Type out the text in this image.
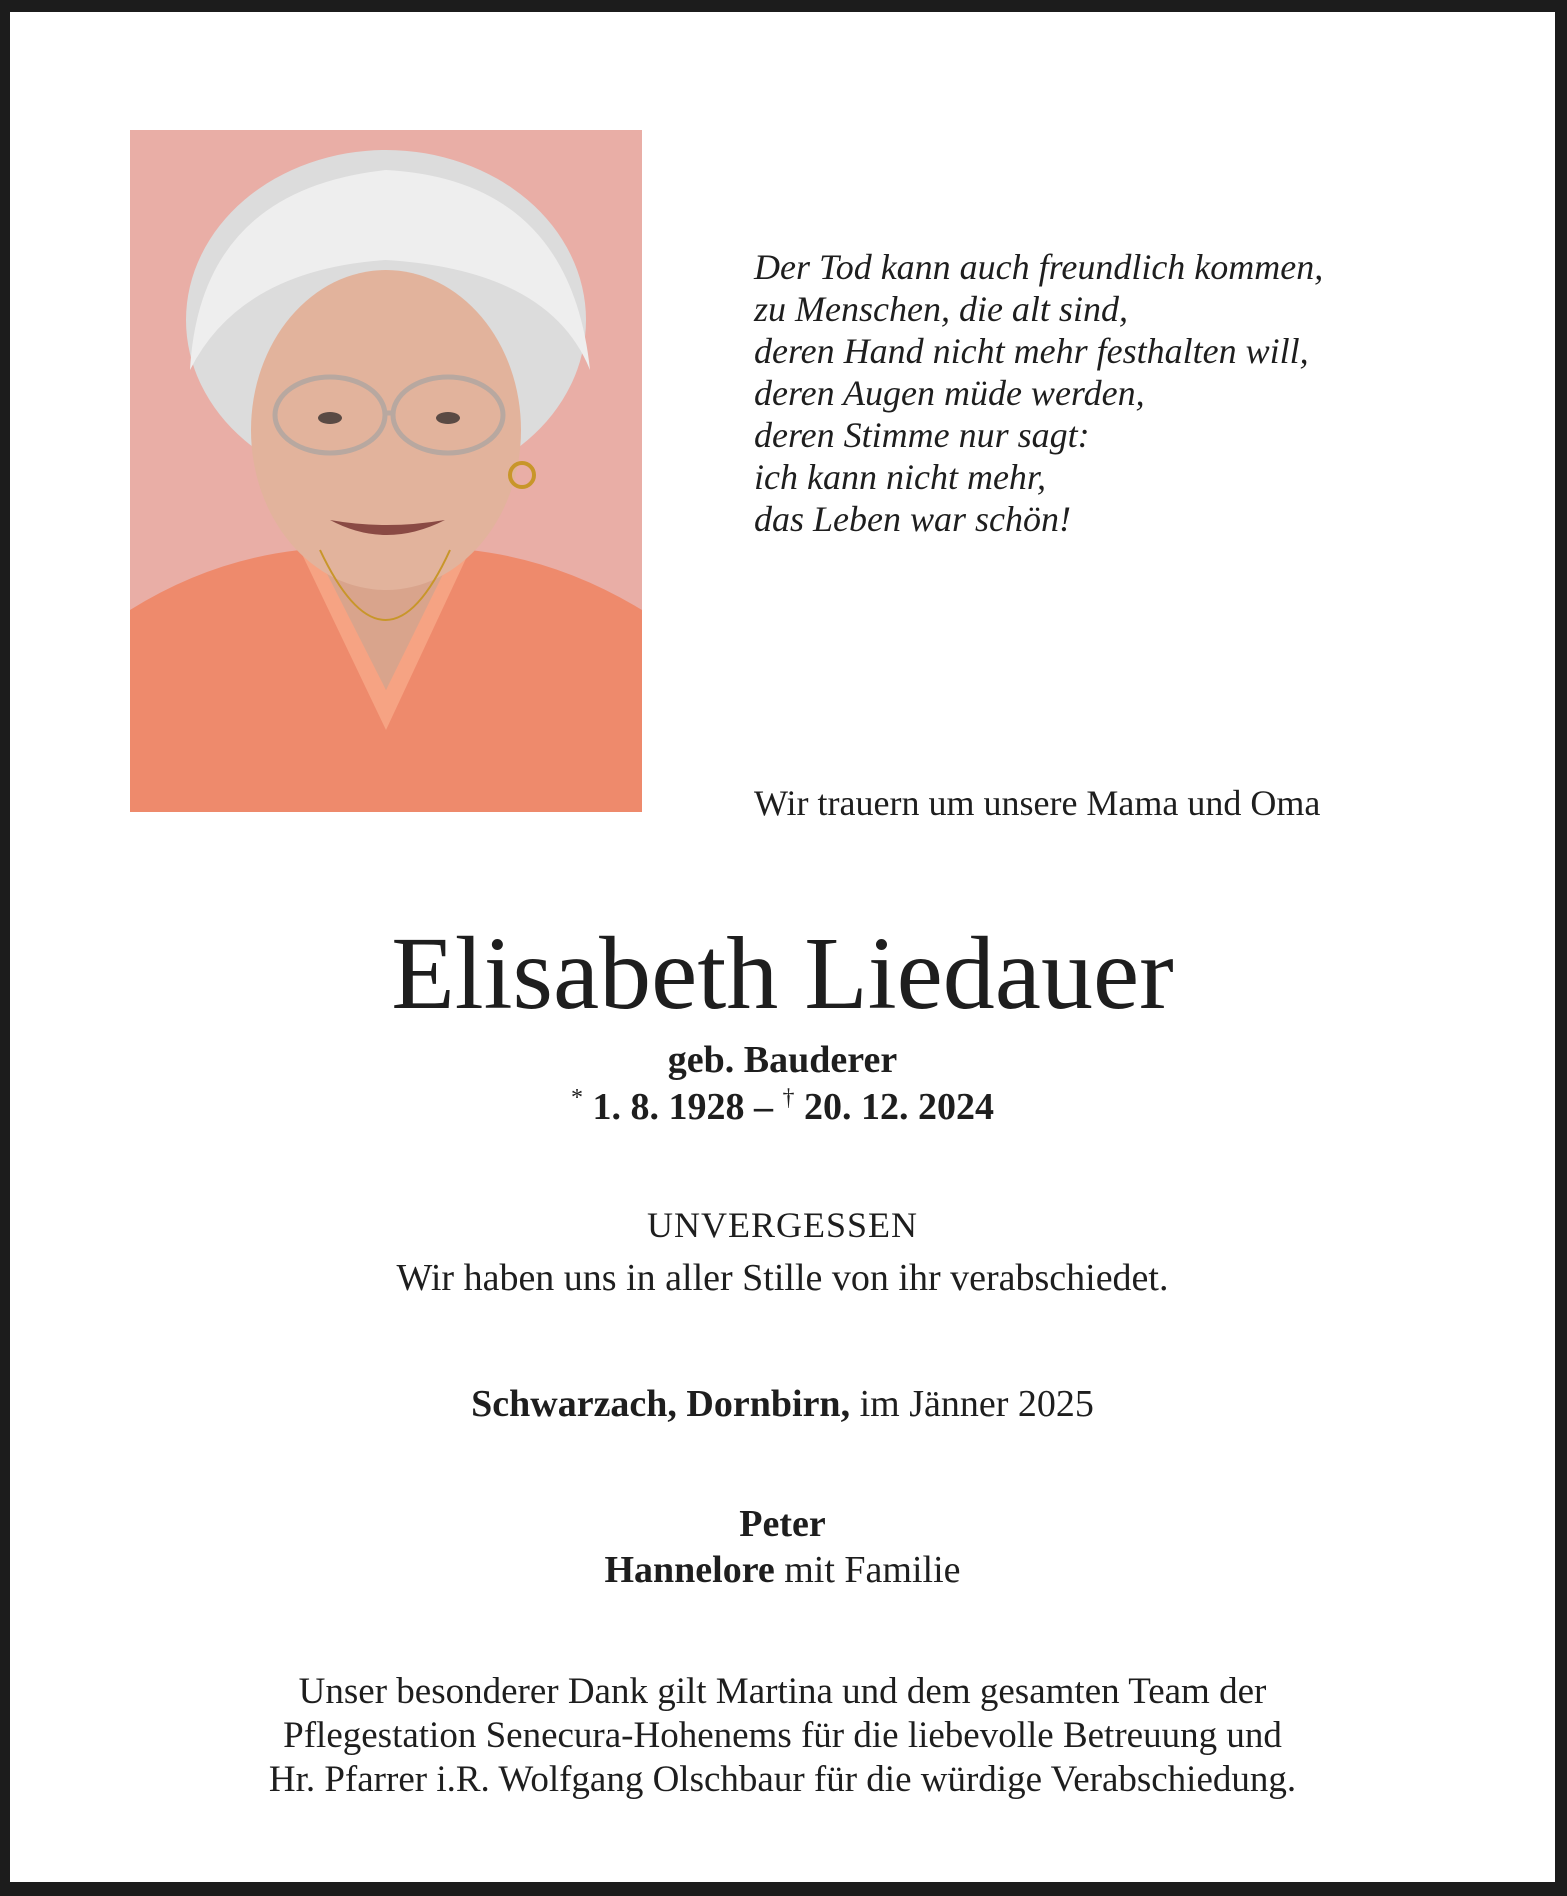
Der Tod kann auch freundlich kommen,
zu Menschen, die alt sind,
deren Hand nicht mehr festhalten will,
deren Augen müde werden,
deren Stimme nur sagt:
ich kann nicht mehr,
das Leben war schön!
Wir trauern um unsere Mama und Oma
Elisabeth Liedauer
geb. Bauderer
* 1. 8. 1928 – † 20. 12. 2024
UNVERGESSEN
Wir haben uns in aller Stille von ihr verabschiedet.
Schwarzach, Dornbirn, im Jänner 2025
Peter
Hannelore mit Familie
Unser besonderer Dank gilt Martina und dem gesamten Team der
Pflegestation Senecura-Hohenems für die liebevolle Betreuung und
Hr. Pfarrer i.R. Wolfgang Olschbaur für die würdige Verabschiedung.
